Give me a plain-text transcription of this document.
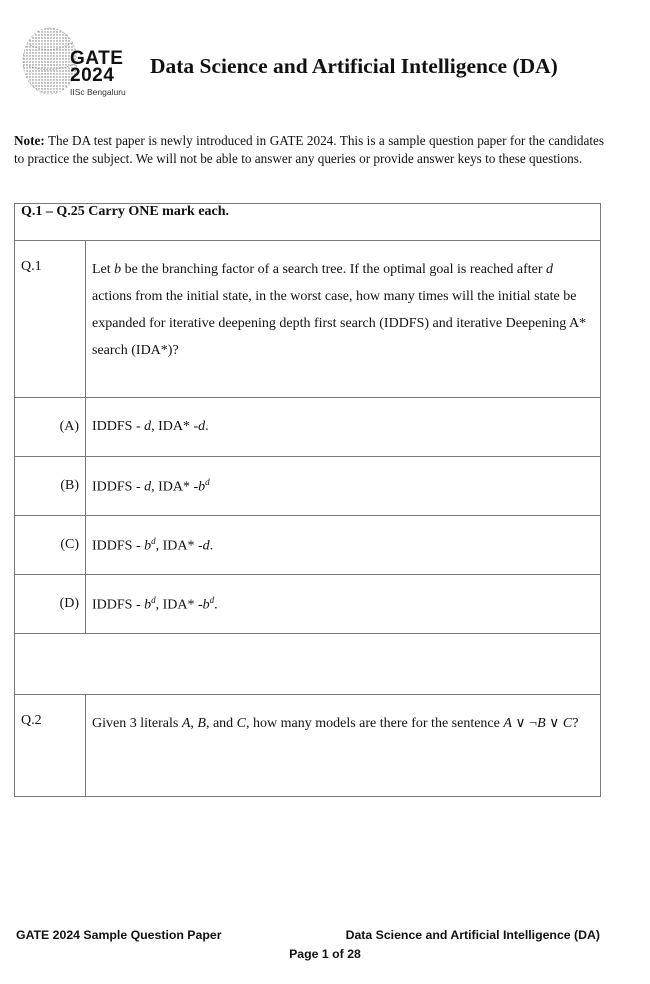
GATE
2024
IISc Bengaluru
Data Science and Artificial Intelligence (DA)
Note: The DA test paper is newly introduced in GATE 2024. This is a sample question paper for the candidates to practice the subject. We will not be able to answer any queries or provide answer keys to these questions.
Q.1 – Q.25 Carry ONE mark each.	
Q.1	Let b be the branching factor of a search tree. If the optimal goal is reached after d actions from the initial state, in the worst case, how many times will the initial state be expanded for iterative deepening depth first search (IDDFS) and iterative Deepening A* search (IDA*)?
(A)	IDDFS - d, IDA* -d.
(B)	IDDFS - d, IDA* $-b^d$
(C)	IDDFS - $b^d$, IDA* -d.
(D)	IDDFS - $b^d$, IDA* $-b^d$.

Q.2	Given 3 literals A, B, and C, how many models are there for the sentence A ∨ ¬B ∨ C?
GATE 2024 Sample Question Paper	Data Science and Artificial Intelligence (DA)
Page 1 of 28
